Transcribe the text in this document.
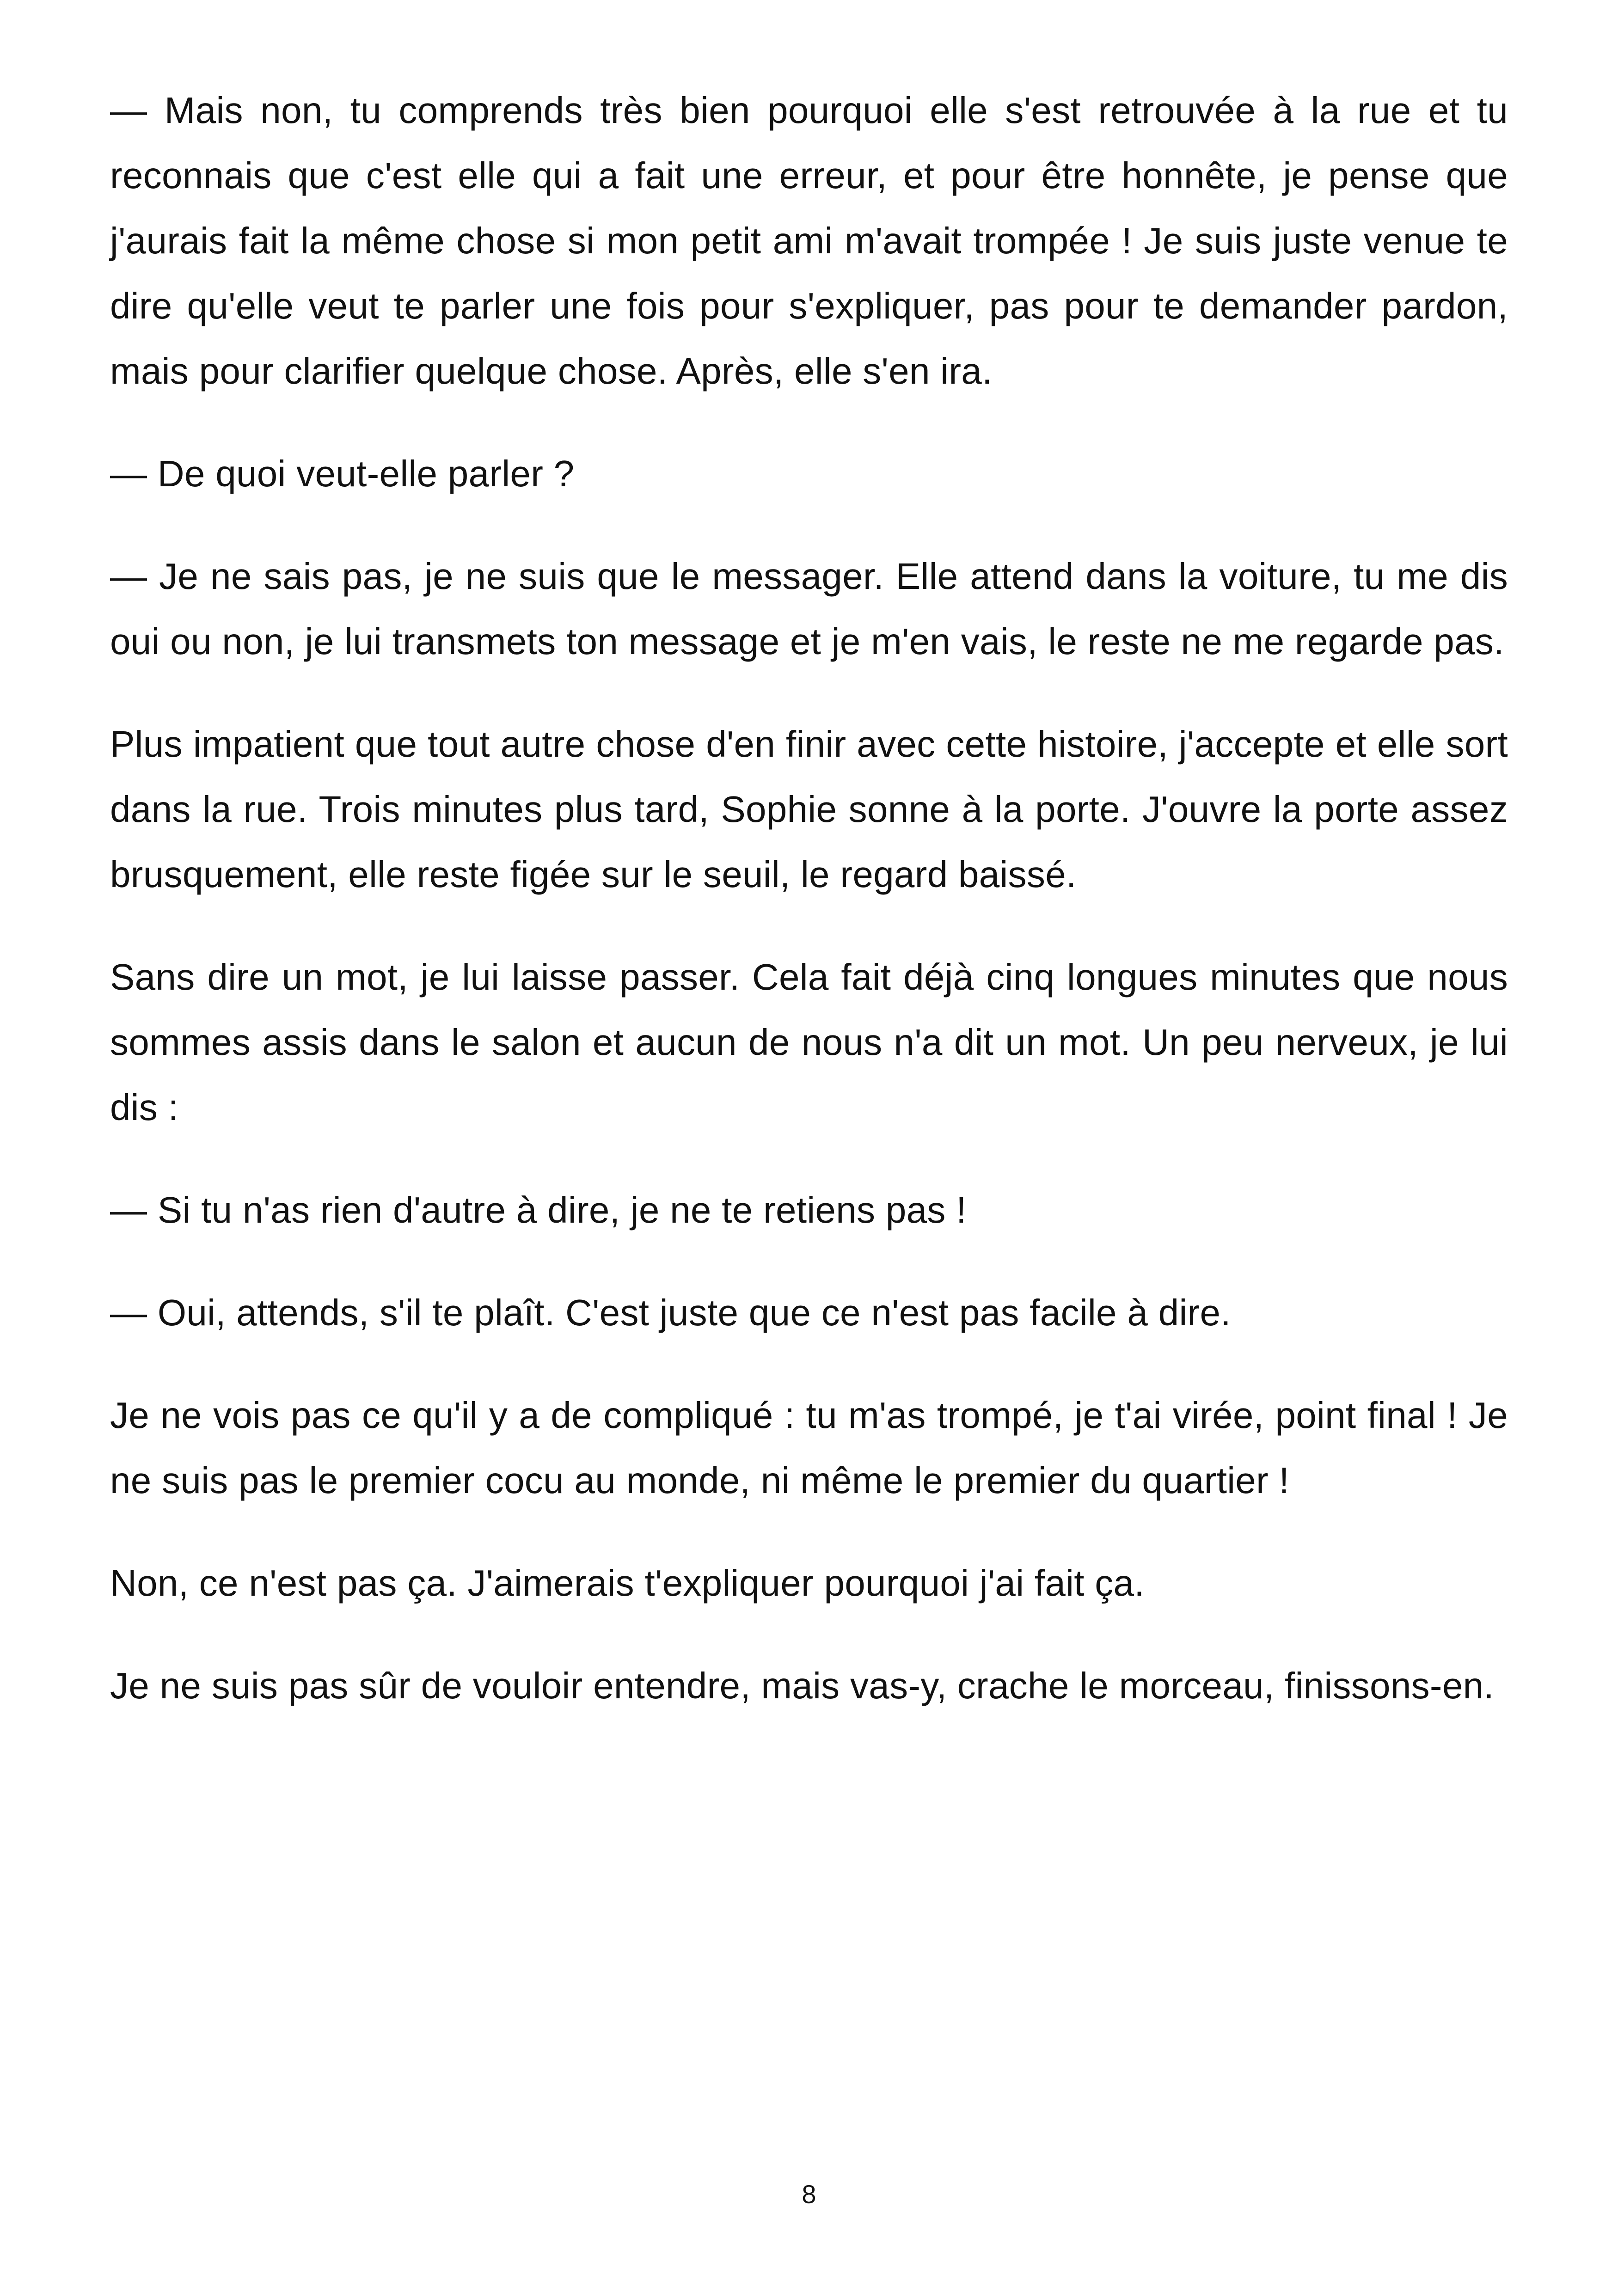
— Mais non, tu comprends très bien pourquoi elle s'est retrouvée à la rue et tu reconnais que c'est elle qui a fait une erreur, et pour être honnête, je pense que j'aurais fait la même chose si mon petit ami m'avait trompée ! Je suis juste venue te dire qu'elle veut te parler une fois pour s'expliquer, pas pour te demander pardon, mais pour clarifier quelque chose. Après, elle s'en ira.

— De quoi veut-elle parler ?

— Je ne sais pas, je ne suis que le messager. Elle attend dans la voiture, tu me dis oui ou non, je lui transmets ton message et je m'en vais, le reste ne me regarde pas.

Plus impatient que tout autre chose d'en finir avec cette histoire, j'accepte et elle sort dans la rue. Trois minutes plus tard, Sophie sonne à la porte. J'ouvre la porte assez brusquement, elle reste figée sur le seuil, le regard baissé.

Sans dire un mot, je lui laisse passer. Cela fait déjà cinq longues minutes que nous sommes assis dans le salon et aucun de nous n'a dit un mot. Un peu nerveux, je lui dis :

— Si tu n'as rien d'autre à dire, je ne te retiens pas !

— Oui, attends, s'il te plaît. C'est juste que ce n'est pas facile à dire.

Je ne vois pas ce qu'il y a de compliqué : tu m'as trompé, je t'ai virée, point final ! Je ne suis pas le premier cocu au monde, ni même le premier du quartier !

Non, ce n'est pas ça. J'aimerais t'expliquer pourquoi j'ai fait ça.

Je ne suis pas sûr de vouloir entendre, mais vas-y, crache le morceau, finissons-en.

8
